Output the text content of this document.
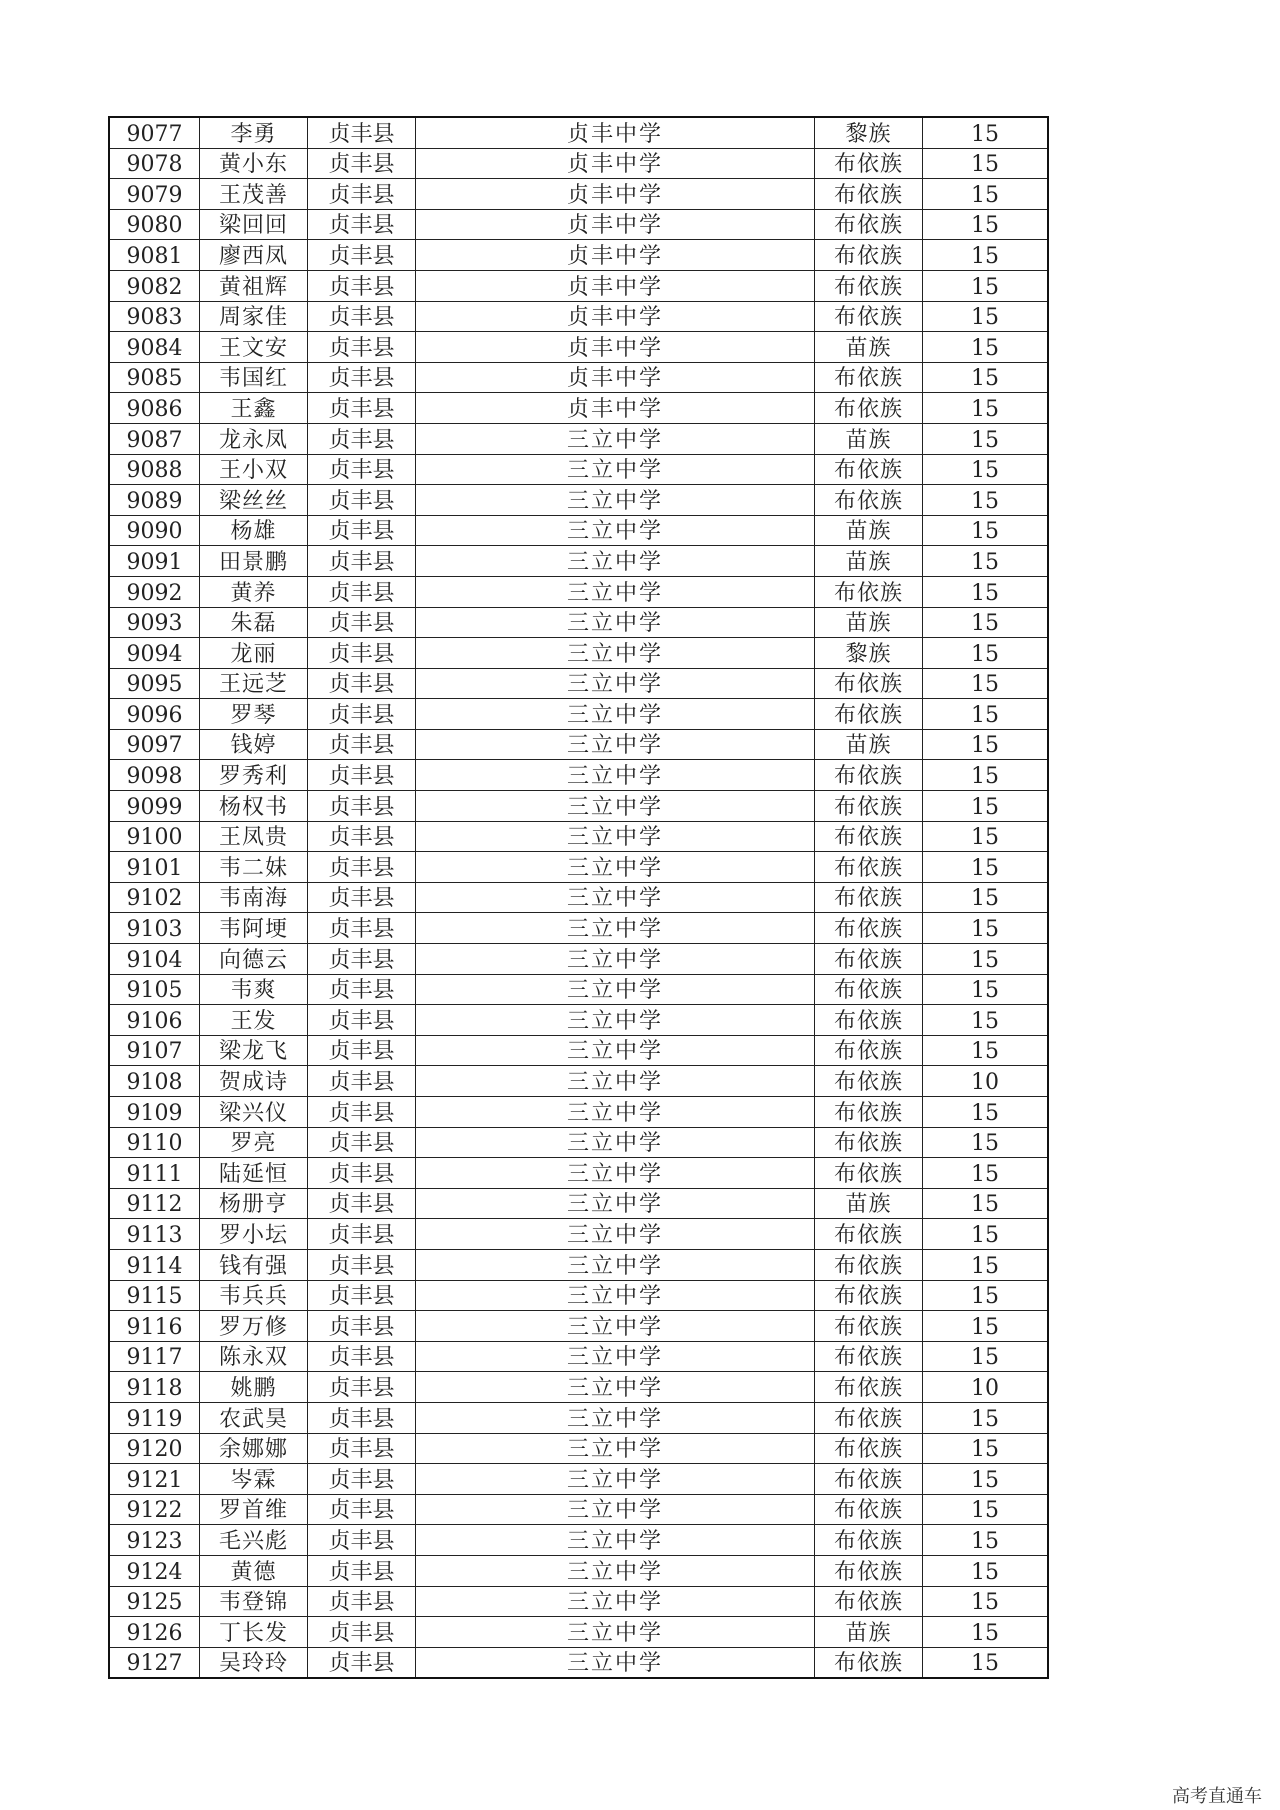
9077	李勇	贞丰县	贞丰中学	黎族	15
9078	黄小东	贞丰县	贞丰中学	布依族	15
9079	王茂善	贞丰县	贞丰中学	布依族	15
9080	梁回回	贞丰县	贞丰中学	布依族	15
9081	廖西凤	贞丰县	贞丰中学	布依族	15
9082	黄祖辉	贞丰县	贞丰中学	布依族	15
9083	周家佳	贞丰县	贞丰中学	布依族	15
9084	王文安	贞丰县	贞丰中学	苗族	15
9085	韦国红	贞丰县	贞丰中学	布依族	15
9086	王鑫	贞丰县	贞丰中学	布依族	15
9087	龙永凤	贞丰县	三立中学	苗族	15
9088	王小双	贞丰县	三立中学	布依族	15
9089	梁丝丝	贞丰县	三立中学	布依族	15
9090	杨雄	贞丰县	三立中学	苗族	15
9091	田景鹏	贞丰县	三立中学	苗族	15
9092	黄养	贞丰县	三立中学	布依族	15
9093	朱磊	贞丰县	三立中学	苗族	15
9094	龙丽	贞丰县	三立中学	黎族	15
9095	王远芝	贞丰县	三立中学	布依族	15
9096	罗琴	贞丰县	三立中学	布依族	15
9097	钱婷	贞丰县	三立中学	苗族	15
9098	罗秀利	贞丰县	三立中学	布依族	15
9099	杨权书	贞丰县	三立中学	布依族	15
9100	王凤贵	贞丰县	三立中学	布依族	15
9101	韦二妹	贞丰县	三立中学	布依族	15
9102	韦南海	贞丰县	三立中学	布依族	15
9103	韦阿埂	贞丰县	三立中学	布依族	15
9104	向德云	贞丰县	三立中学	布依族	15
9105	韦爽	贞丰县	三立中学	布依族	15
9106	王发	贞丰县	三立中学	布依族	15
9107	梁龙飞	贞丰县	三立中学	布依族	15
9108	贺成诗	贞丰县	三立中学	布依族	10
9109	梁兴仪	贞丰县	三立中学	布依族	15
9110	罗亮	贞丰县	三立中学	布依族	15
9111	陆延恒	贞丰县	三立中学	布依族	15
9112	杨册亨	贞丰县	三立中学	苗族	15
9113	罗小坛	贞丰县	三立中学	布依族	15
9114	钱有强	贞丰县	三立中学	布依族	15
9115	韦兵兵	贞丰县	三立中学	布依族	15
9116	罗万修	贞丰县	三立中学	布依族	15
9117	陈永双	贞丰县	三立中学	布依族	15
9118	姚鹏	贞丰县	三立中学	布依族	10
9119	农武昊	贞丰县	三立中学	布依族	15
9120	余娜娜	贞丰县	三立中学	布依族	15
9121	岑霖	贞丰县	三立中学	布依族	15
9122	罗首维	贞丰县	三立中学	布依族	15
9123	毛兴彪	贞丰县	三立中学	布依族	15
9124	黄德	贞丰县	三立中学	布依族	15
9125	韦登锦	贞丰县	三立中学	布依族	15
9126	丁长发	贞丰县	三立中学	苗族	15
9127	吴玲玲	贞丰县	三立中学	布依族	15
高考直通车
